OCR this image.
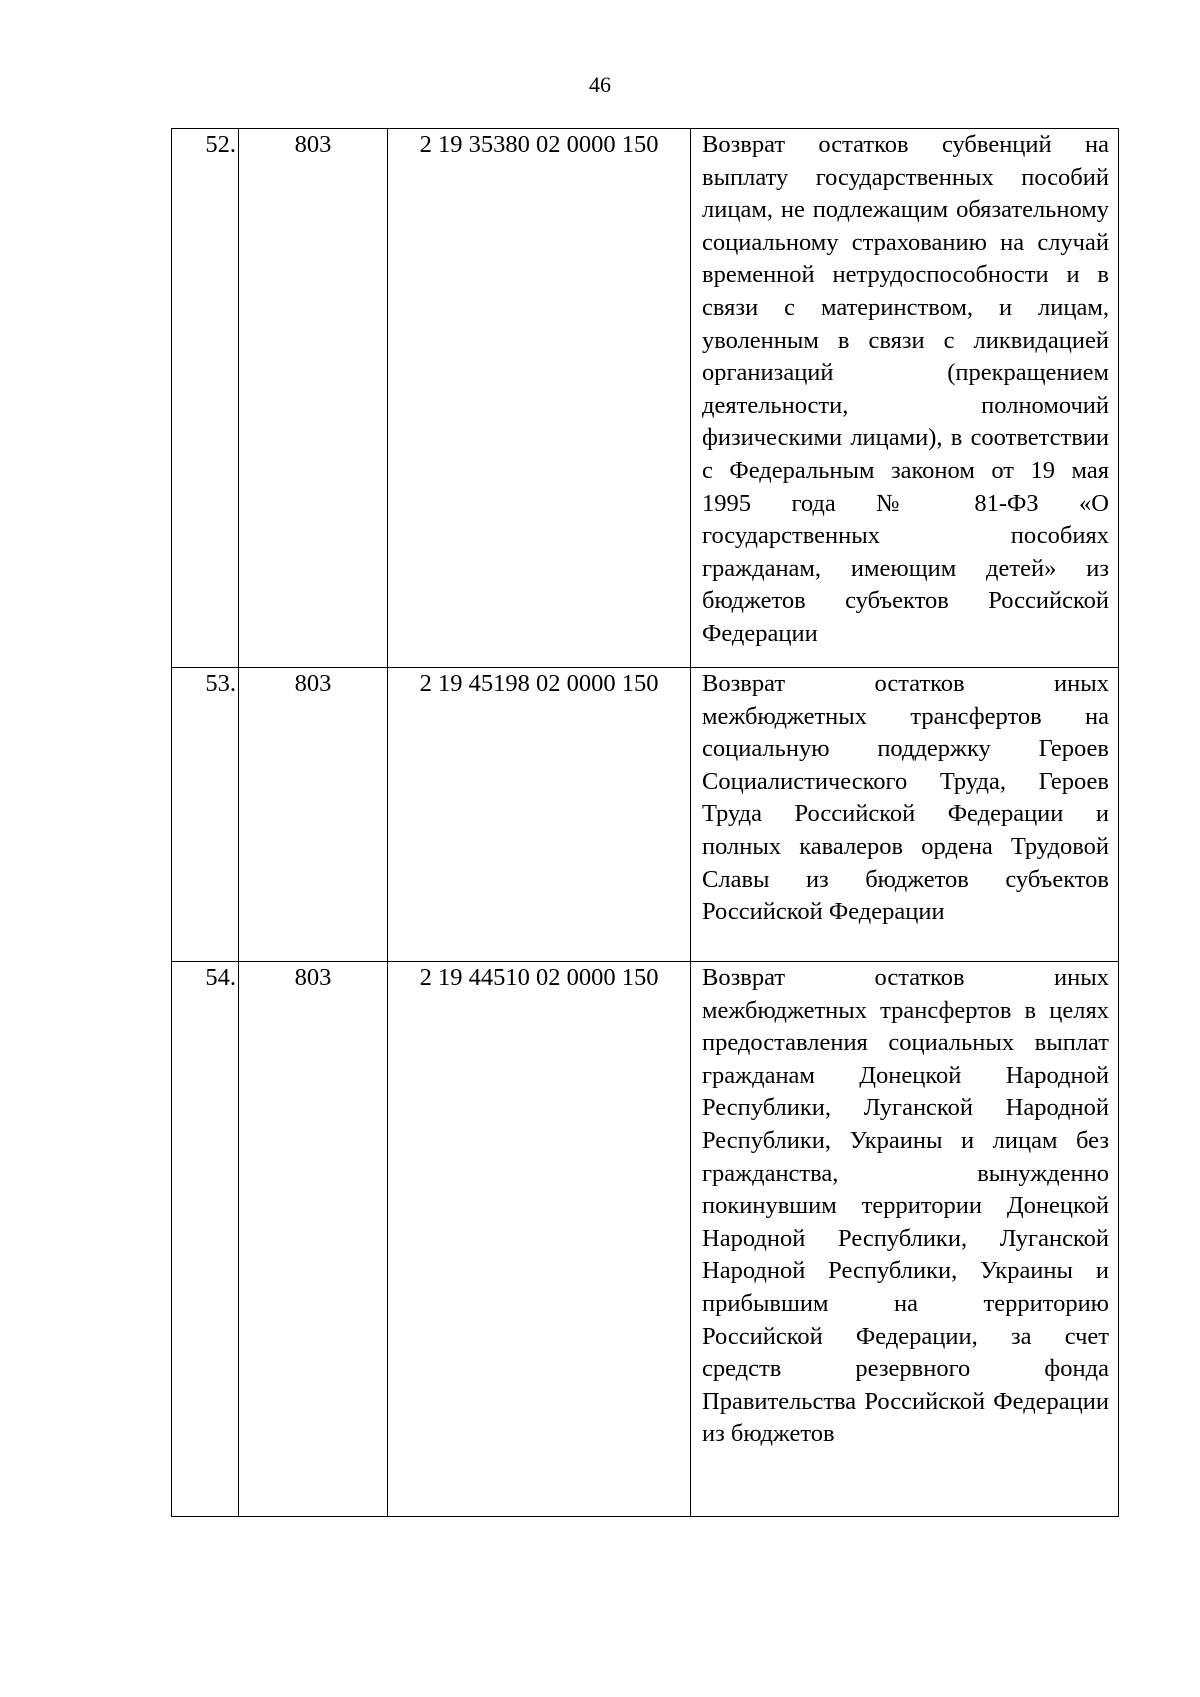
46
52.	803	2 19 35380 02 0000 150	Возврат остатков субвенций на выплату государственных пособий лицам, не подлежащим обязательному социальному страхованию на случай временной нетрудоспособности и в связи с материнством, и лицам, уволенным в связи с ликвидацией организаций (прекращением деятельности, полномочий физическими лицами), в соответствии с Федеральным законом от 19 мая 1995 года № 81-ФЗ «О государственных пособиях гражданам, имеющим детей» из бюджетов субъектов Российской Федерации
53.	803	2 19 45198 02 0000 150	Возврат остатков иных межбюджетных трансфертов на социальную поддержку Героев Социалистического Труда, Героев Труда Российской Федерации и полных кавалеров ордена Трудовой Славы из бюджетов субъектов Российской Федерации
54.	803	2 19 44510 02 0000 150	Возврат остатков иных межбюджетных трансфертов в целях предоставления социальных выплат гражданам Донецкой Народной Республики, Луганской Народной Республики, Украины и лицам без гражданства, вынужденно покинувшим территории Донецкой Народной Республики, Луганской Народной Республики, Украины и прибывшим на территорию Российской Федерации, за счет средств резервного фонда Правительства Российской Федерации из бюджетов
